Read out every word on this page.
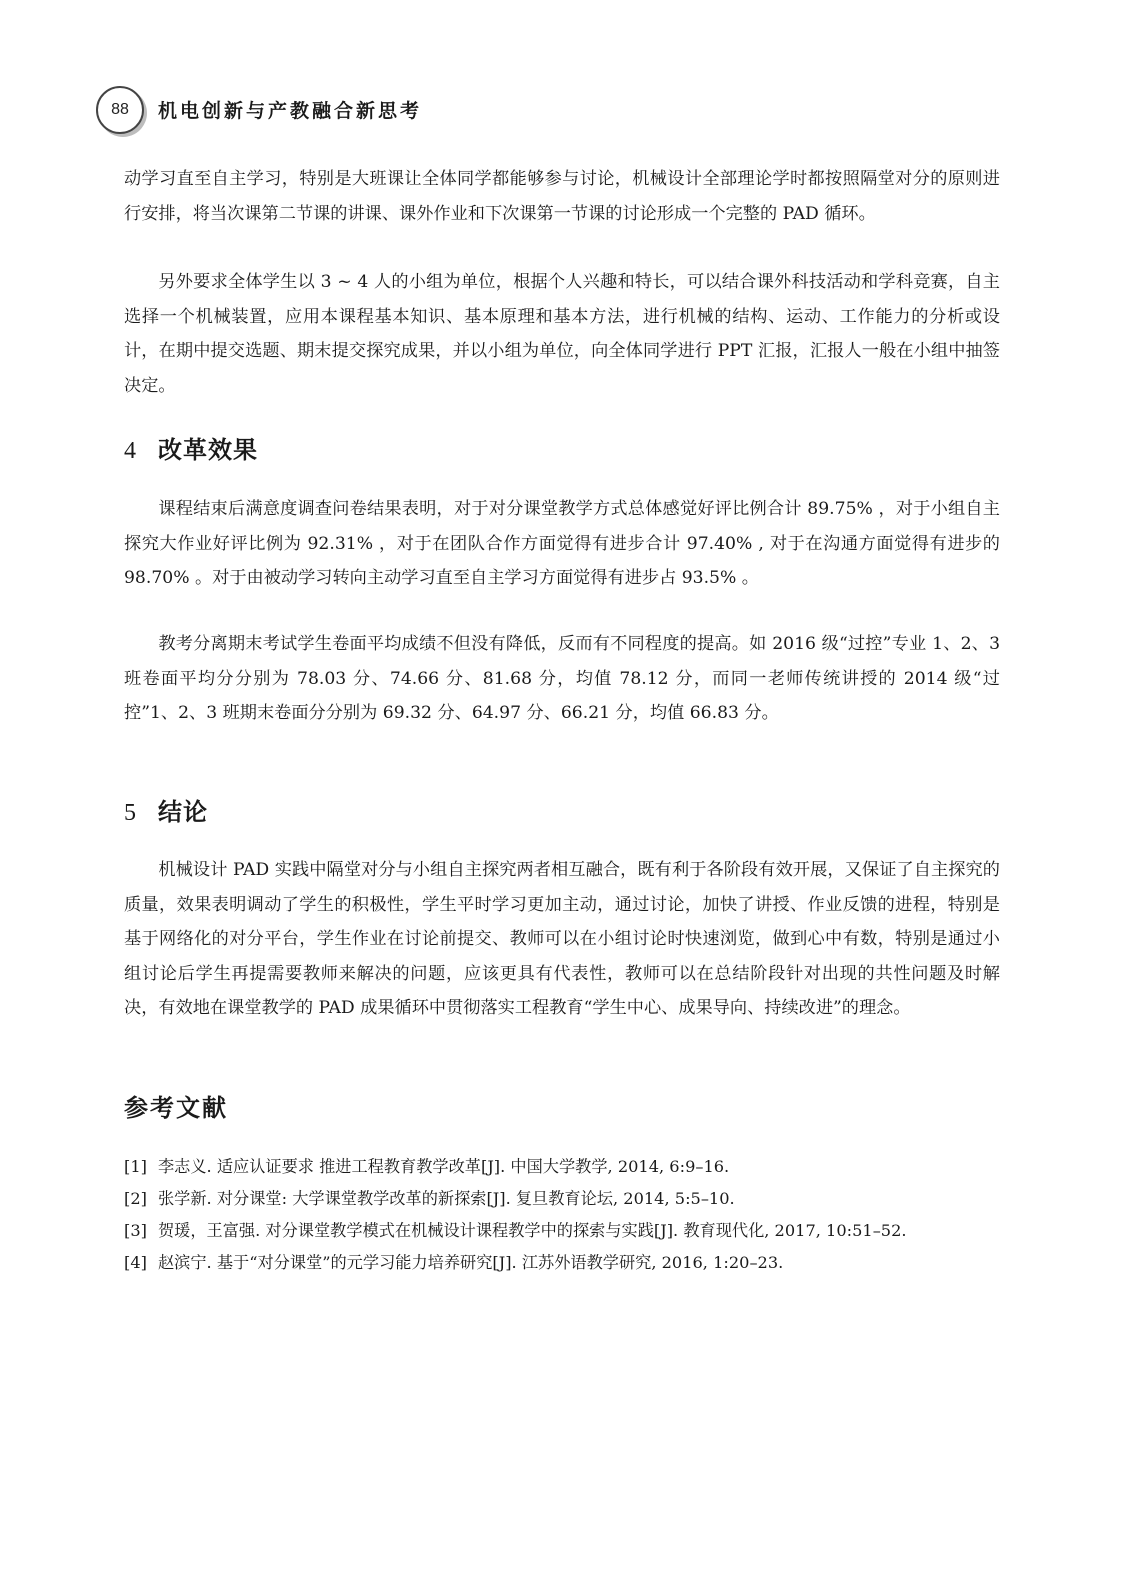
88	机电创新与产教融合新思考

动学习直至自主学习，特别是大班课让全体同学都能够参与讨论，机械设计全部理论学时都按照隔堂对分的原则进行安排，将当次课第二节课的讲课、课外作业和下次课第一节课的讨论形成一个完整的 PAD 循环。

另外要求全体学生以 3 ~ 4 人的小组为单位，根据个人兴趣和特长，可以结合课外科技活动和学科竞赛，自主选择一个机械装置，应用本课程基本知识、基本原理和基本方法，进行机械的结构、运动、工作能力的分析或设计，在期中提交选题、期末提交探究成果，并以小组为单位，向全体同学进行 PPT 汇报，汇报人一般在小组中抽签决定。

4 改革效果

课程结束后满意度调查问卷结果表明，对于对分课堂教学方式总体感觉好评比例合计 89.75% ，对于小组自主探究大作业好评比例为 92.31% ，对于在团队合作方面觉得有进步合计 97.40% , 对于在沟通方面觉得有进步的 98.70% 。对于由被动学习转向主动学习直至自主学习方面觉得有进步占 93.5% 。

教考分离期末考试学生卷面平均成绩不但没有降低，反而有不同程度的提高。如 2016 级“过控”专业 1、2、3 班卷面平均分分别为 78.03 分、74.66 分、81.68 分，均值 78.12 分，而同一老师传统讲授的 2014 级“过控”1、2、3 班期末卷面分分别为 69.32 分、64.97 分、66.21 分，均值 66.83 分。

5 结论

机械设计 PAD 实践中隔堂对分与小组自主探究两者相互融合，既有利于各阶段有效开展，又保证了自主探究的质量，效果表明调动了学生的积极性，学生平时学习更加主动，通过讨论，加快了讲授、作业反馈的进程，特别是基于网络化的对分平台，学生作业在讨论前提交、教师可以在小组讨论时快速浏览，做到心中有数，特别是通过小组讨论后学生再提需要教师来解决的问题，应该更具有代表性，教师可以在总结阶段针对出现的共性问题及时解决，有效地在课堂教学的 PAD 成果循环中贯彻落实工程教育“学生中心、成果导向、持续改进”的理念。

参考文献
[1] 李志义. 适应认证要求 推进工程教育教学改革[J]. 中国大学教学, 2014, 6:9–16.
[2] 张学新. 对分课堂: 大学课堂教学改革的新探索[J]. 复旦教育论坛, 2014, 5:5–10.
[3] 贺瑗，王富强. 对分课堂教学模式在机械设计课程教学中的探索与实践[J]. 教育现代化, 2017, 10:51–52.
[4] 赵滨宁. 基于“对分课堂”的元学习能力培养研究[J]. 江苏外语教学研究, 2016, 1:20–23.
